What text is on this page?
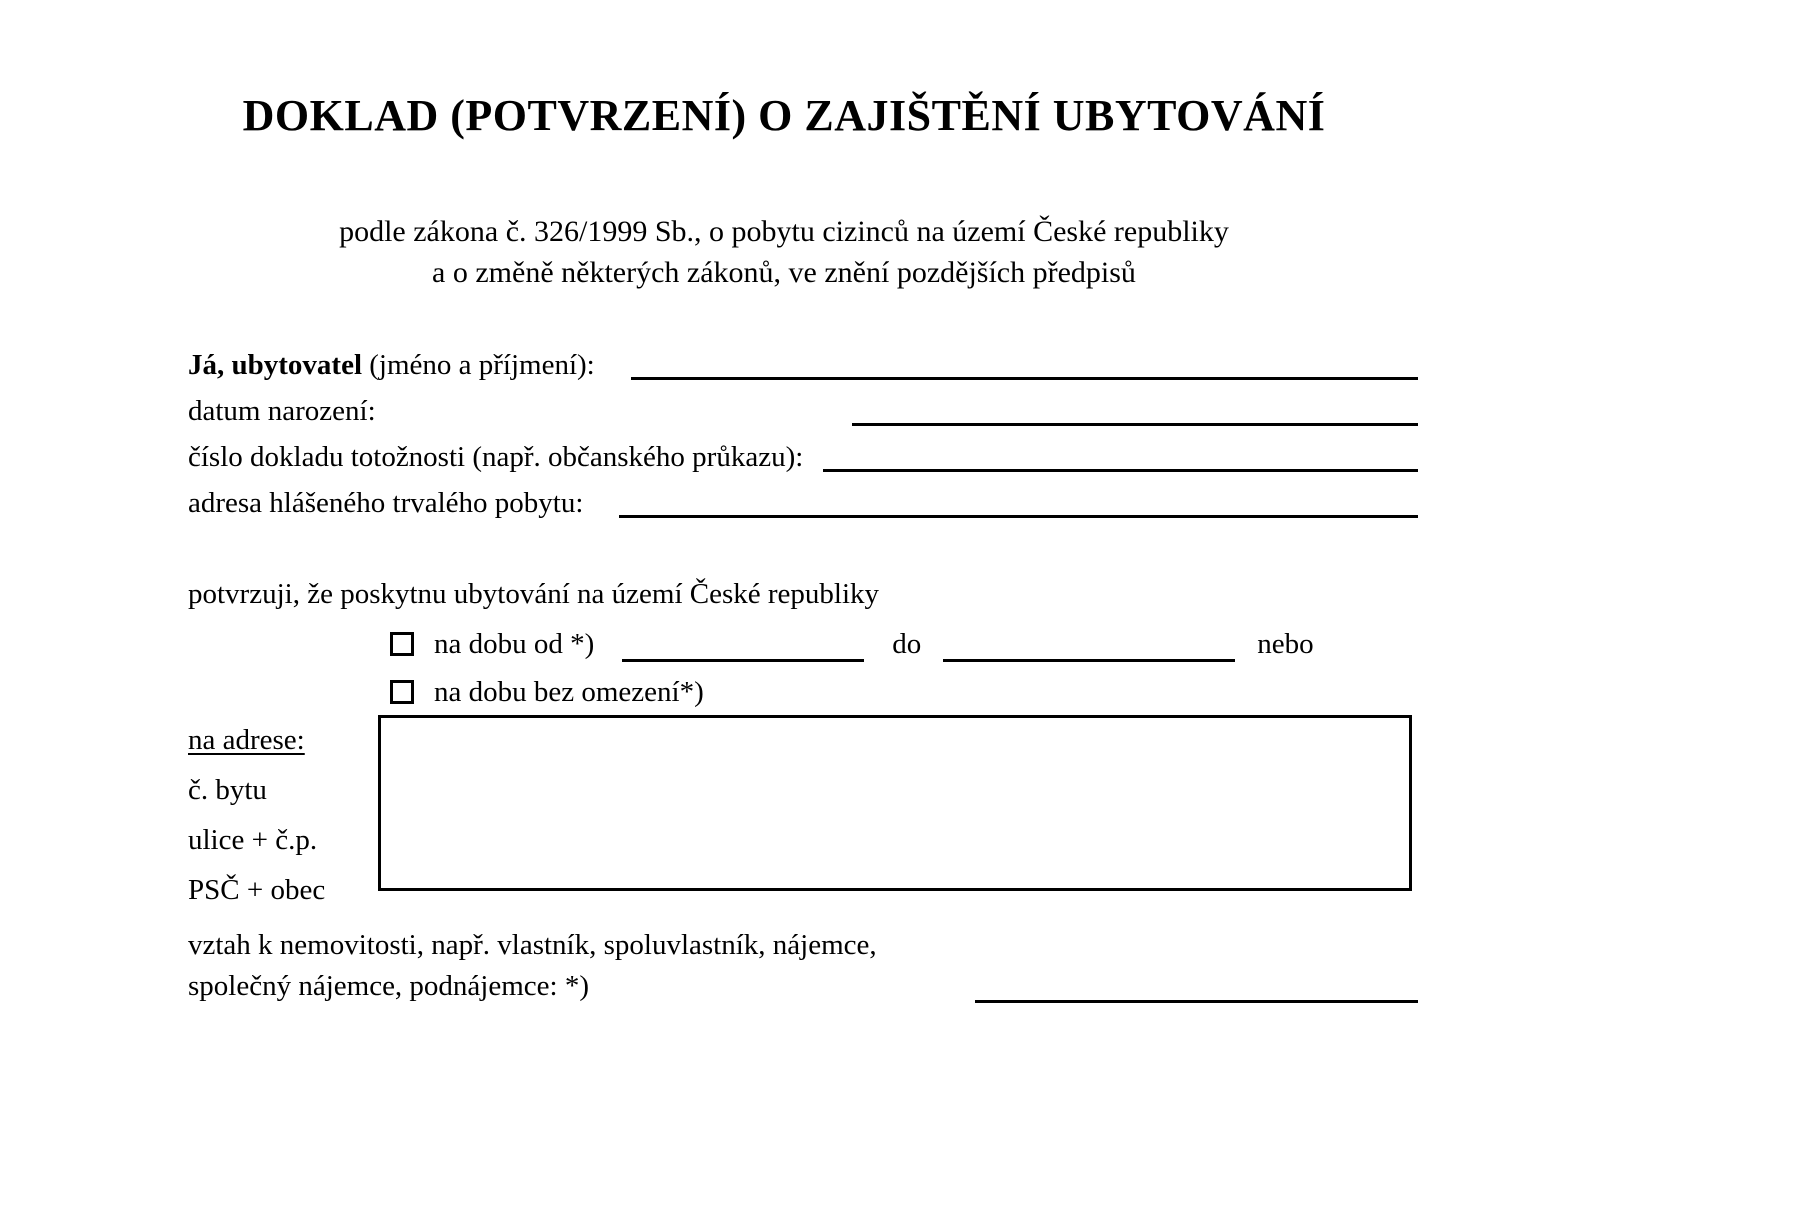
DOKLAD (POTVRZENÍ) O ZAJIŠTĚNÍ UBYTOVÁNÍ
podle zákona č. 326/1999 Sb., o pobytu cizinců na území České republiky
a o změně některých zákonů, ve znění pozdějších předpisů
Já, ubytovatel (jméno a příjmení):
datum narození:
číslo dokladu totožnosti (např. občanského průkazu):
adresa hlášeného trvalého pobytu:
potvrzuji, že poskytnu ubytování na území České republiky
na dobu od *)	do	nebo
na dobu bez omezení*)
na adrese:
č. bytu
ulice + č.p.
PSČ + obec
vztah k nemovitosti, např. vlastník, spoluvlastník, nájemce,
společný nájemce, podnájemce: *)
